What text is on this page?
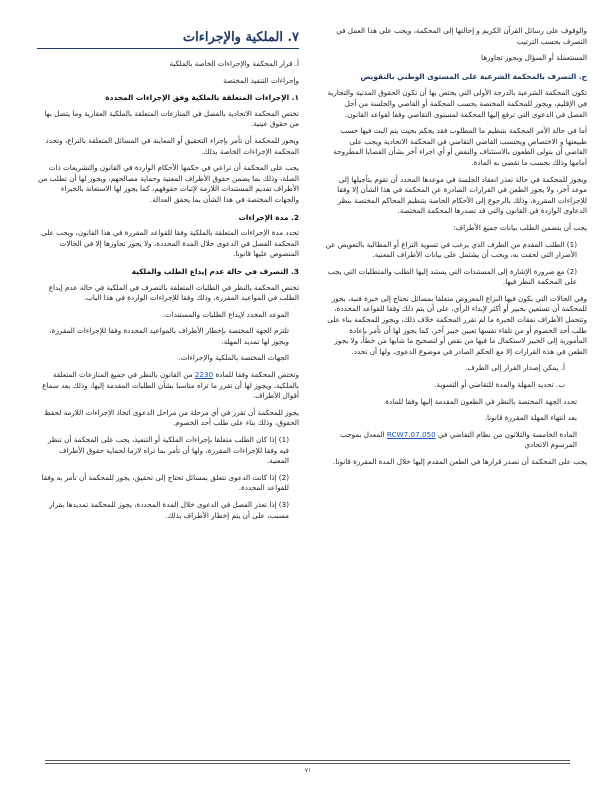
٧. الملكية والإجراءات

أ. قرار المحكمة والإجراءات الخاصة بالملكية

وإجراءات التنفيذ المختصة

١. الإجراءات المتعلقة بالملكية وفق الإجراءات المحددة

تختص المحكمة الاتحادية بالفصل في المنازعات المتعلقة بالملكية العقارية وما يتصل بها من حقوق عينية.

ويجوز للمحكمة أن تأمر بإجراء التحقيق أو المعاينة في المسائل المتعلقة بالنزاع، وتحدد المحكمة الإجراءات الخاصة بذلك.

يجب على المحكمة أن تراعي في حكمها الأحكام الواردة في القانون والتشريعات ذات الصلة، وذلك بما يضمن حقوق الأطراف المعنية وحماية مصالحهم، ويجوز لها أن تطلب من الأطراف تقديم المستندات اللازمة لإثبات حقوقهم، كما يجوز لها الاستعانة بالخبراء والجهات المختصة في هذا الشأن بما يحقق العدالة.

2. مدة الإجراءات

تحدد مدة الإجراءات المتعلقة بالملكية وفقا للقواعد المقررة في هذا القانون، ويجب على المحكمة الفصل في الدعوى خلال المدة المحددة، ولا يجوز تجاوزها إلا في الحالات المنصوص عليها قانونا.

3. التصرف في حالة عدم إيداع الطلب والملكية

تختص المحكمة بالنظر في الطلبات المتعلقة بالتصرف في الملكية في حالة عدم إيداع الطلب في المواعيد المقررة، وذلك وفقا للإجراءات الواردة في هذا الباب.

الموعد المحدد لإيداع الطلبات والمستندات.

تلتزم الجهة المختصة بإخطار الأطراف بالمواعيد المحددة وفقا للإجراءات المقررة، ويجوز لها تمديد المهلة.

الجهات المختصة بالملكية والإجراءات.

وتختص المحكمة وفقا للمادة 2230 من القانون بالنظر في جميع المنازعات المتعلقة بالملكية، ويجوز لها أن تقرر ما تراه مناسبا بشأن الطلبات المقدمة إليها، وذلك بعد سماع أقوال الأطراف.

يجوز للمحكمة أن تقرر في أي مرحلة من مراحل الدعوى اتخاذ الإجراءات اللازمة لحفظ الحقوق، وذلك بناء على طلب أحد الخصوم.

(1) إذا كان الطلب متعلقا بإجراءات الملكية أو التنفيذ، يجب على المحكمة أن تنظر فيه وفقا للإجراءات المقررة، ولها أن تأمر بما تراه لازما لحماية حقوق الأطراف المعنية.

(2) إذا كانت الدعوى تتعلق بمسائل تحتاج إلى تحقيق، يجوز للمحكمة أن تأمر به وفقا للقواعد المحددة.

(3) إذا تعذر الفصل في الدعوى خلال المدة المحددة، يجوز للمحكمة تمديدها بقرار مسبب، على أن يتم إخطار الأطراف بذلك.

والوقوف على رسائل القرآن الكريم و إحالتها إلى المحكمة، ويجب على هذا العمل في التصرف بحسب الترتيب

المستعملة أو السؤال ويجوز تجاوزها

ج. التصرف بالمحكمة الشرعية على المستوى الوطني بالتقويض

تكون المحكمة الشرعية بالدرجة الأولى التي يختص بها أن تكون الحقوق المدنية والتجارية في الإقليم، ويجوز للمحكمة المختصة بحسب المحكمة أو القاضي والجلسة من أجل الفصل في الدعوى التي ترفع إليها المحكمة لمستوى التقاضي وفقا لقواعد القانون.

أما في حالة الأمر المحكمة بتنظيم ما المطلوب فقد يحكم بحيث يتم البت فيها حسب طبيعتها و الاختصاص ويحتسب القاضي التقاضي في المحكمة الاتحادية ويجب على القاضي أن يتولى الطعون بالاستئناف والنقض أو أي اجراء آخر بشأن القضايا المطروحة أمامها وذلك بحسب ما تقضي به المادة.

ويجوز للمحكمة في حالة تعذر انعقاد الجلسة في موعدها المحدد أن تقوم بتأجيلها إلى موعد آخر، ولا يجوز الطعن في القرارات الصادرة عن المحكمة في هذا الشأن إلا وفقا للإجراءات المقررة، وذلك بالرجوع إلى الأحكام الخاصة بتنظيم المحاكم المختصة بنظر الدعاوى الواردة في القانون والتي قد تصدرها المحكمة المختصة.

يجب أن يتضمن الطلب بيانات جميع الأطراف:

(1) الطلب المقدم من الطرف الذي يرغب في تسوية النزاع أو المطالبة بالتعويض عن الأضرار التي لحقت به، ويجب أن يشتمل على بيانات الأطراف المعنية.

(2) مع ضرورة الإشارة إلى المستندات التي يستند إليها الطلب والمتطلبات التي يجب على المحكمة النظر فيها.

وفي الحالات التي يكون فيها النزاع المعروض متعلقا بمسائل تحتاج إلى خبرة فنية، يجوز للمحكمة أن تستعين بخبير أو أكثر لإبداء الرأي، على أن يتم ذلك وفقا للقواعد المحددة، وتتحمل الأطراف نفقات الخبرة ما لم تقرر المحكمة خلاف ذلك، ويجوز للمحكمة بناء على طلب أحد الخصوم أو من تلقاء نفسها تعيين خبير آخر، كما يجوز لها أن تأمر بإعادة المأمورية إلى الخبير لاستكمال ما فيها من نقص أو لتصحيح ما شابها من خطأ، ولا يجوز الطعن في هذه القرارات إلا مع الحكم الصادر في موضوع الدعوى، ولها أن تحدد.

أ. يمكن إصدار القرار إلى الطرف.

ب. تحديد المهلة والمدة للتقاضي أو التسوية.

تحدد الجهة المختصة بالنظر في الطعون المقدمة إليها وفقا للمادة

بعد انتهاء المهلة المقررة قانونا.

المادة الخامسة والثلاثون من نظام التقاضي في RCW7.07.050 المعدل بموجب المرسوم الاتحادي

يجب على المحكمة أن تصدر قرارها في الطعن المقدم إليها خلال المدة المقررة قانونا.

٧١
